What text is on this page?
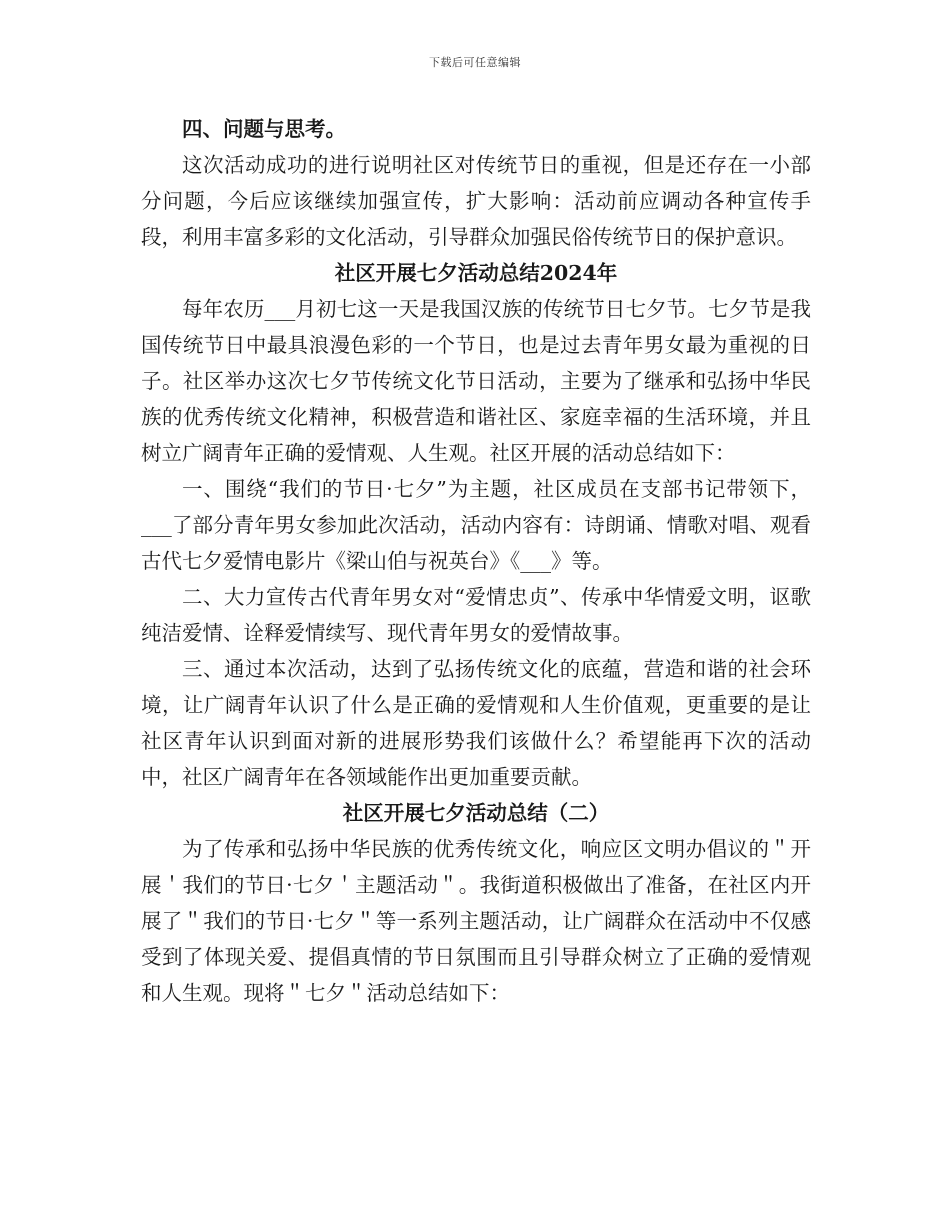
下载后可任意编辑

四、问题与思考。

这次活动成功的进行说明社区对传统节日的重视，但是还存在一小部分问题，今后应该继续加强宣传，扩大影响：活动前应调动各种宣传手段，利用丰富多彩的文化活动，引导群众加强民俗传统节日的保护意识。

社区开展七夕活动总结2024年

每年农历___月初七这一天是我国汉族的传统节日七夕节。七夕节是我国传统节日中最具浪漫色彩的一个节日，也是过去青年男女最为重视的日子。社区举办这次七夕节传统文化节日活动，主要为了继承和弘扬中华民族的优秀传统文化精神，积极营造和谐社区、家庭幸福的生活环境，并且树立广阔青年正确的爱情观、人生观。社区开展的活动总结如下：

一、围绕“我们的节日·七夕”为主题，社区成员在支部书记带领下，___了部分青年男女参加此次活动，活动内容有：诗朗诵、情歌对唱、观看古代七夕爱情电影片《梁山伯与祝英台》《___》等。

二、大力宣传古代青年男女对“爱情忠贞”、传承中华情爱文明，讴歌纯洁爱情、诠释爱情续写、现代青年男女的爱情故事。

三、通过本次活动，达到了弘扬传统文化的底蕴，营造和谐的社会环境，让广阔青年认识了什么是正确的爱情观和人生价值观，更重要的是让社区青年认识到面对新的进展形势我们该做什么？希望能再下次的活动中，社区广阔青年在各领域能作出更加重要贡献。

社区开展七夕活动总结（二）

为了传承和弘扬中华民族的优秀传统文化，响应区文明办倡议的＂开展＇我们的节日·七夕＇主题活动＂。我街道积极做出了准备，在社区内开展了＂我们的节日·七夕＂等一系列主题活动，让广阔群众在活动中不仅感受到了体现关爱、提倡真情的节日氛围而且引导群众树立了正确的爱情观和人生观。现将＂七夕＂活动总结如下：
